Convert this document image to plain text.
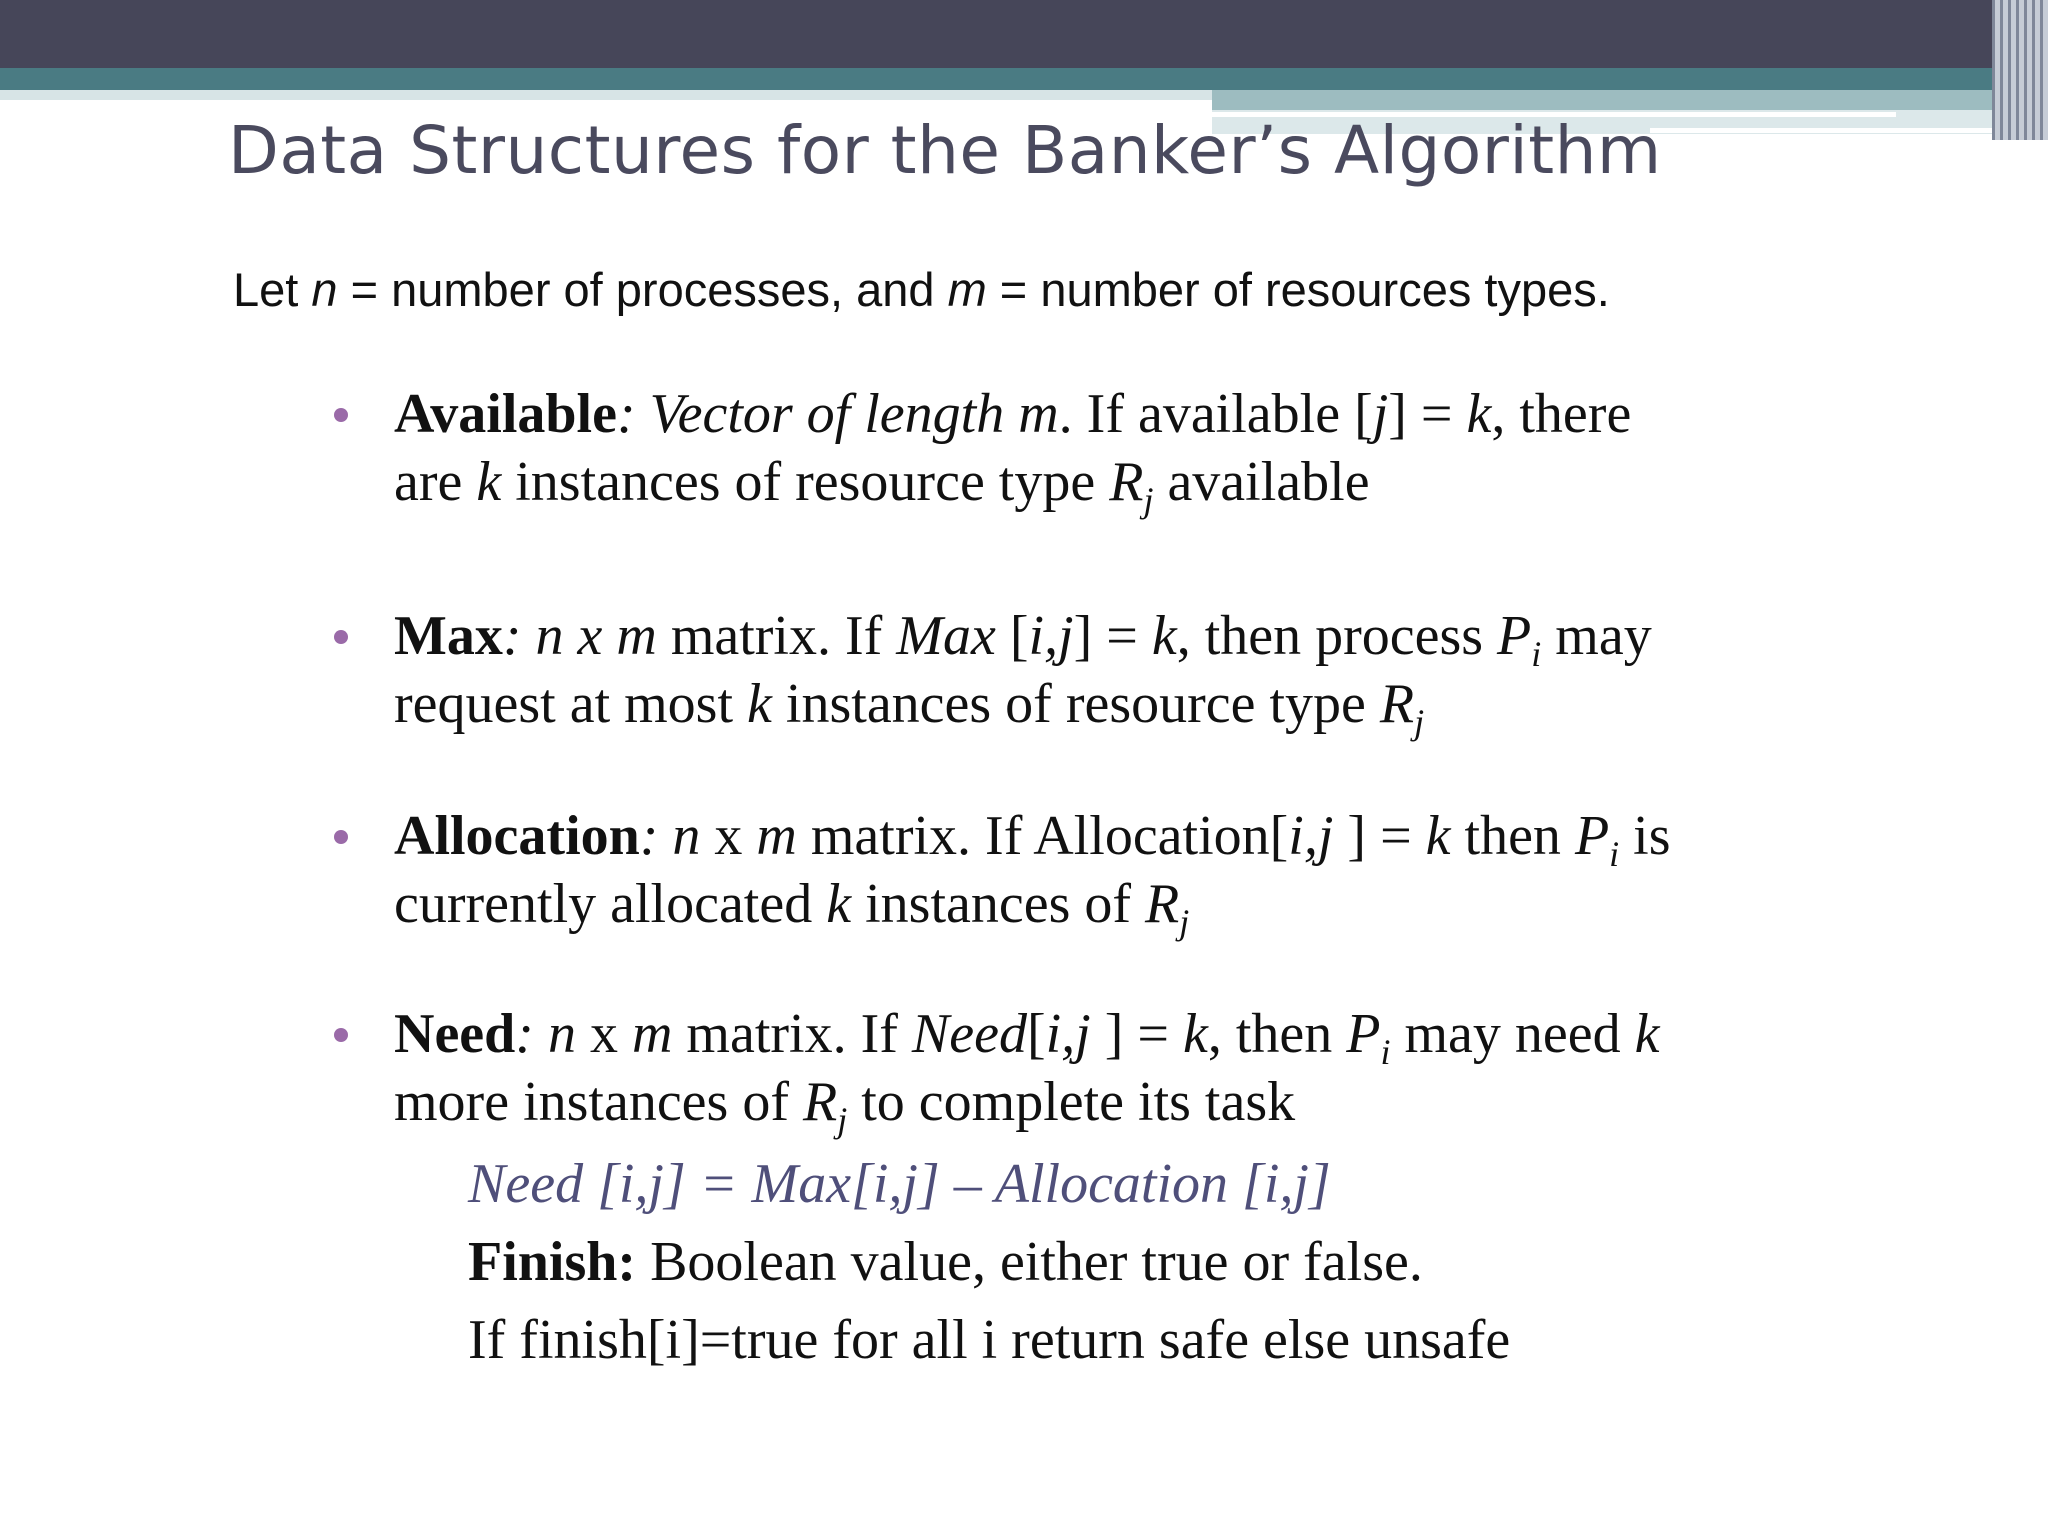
Data Structures for the Banker’s Algorithm
Let n = number of processes, and m = number of resources types.
Available: Vector of length m. If available [j] = k, there
are k instances of resource type $R_j$ available
Max: n x m matrix. If Max [i,j] = k, then process $P_i$ may
request at most k instances of resource type $R_j$
Allocation: n x m matrix. If Allocation[i,j ] = k then $P_i$ is
currently allocated k instances of $R_j$
Need: n x m matrix. If Need[i,j ] = k, then $P_i$ may need k
more instances of $R_j$ to complete its task
Need [i,j] = Max[i,j] – Allocation [i,j]
Finish: Boolean value, either true or false.
If finish[i]=true for all i return safe else unsafe
